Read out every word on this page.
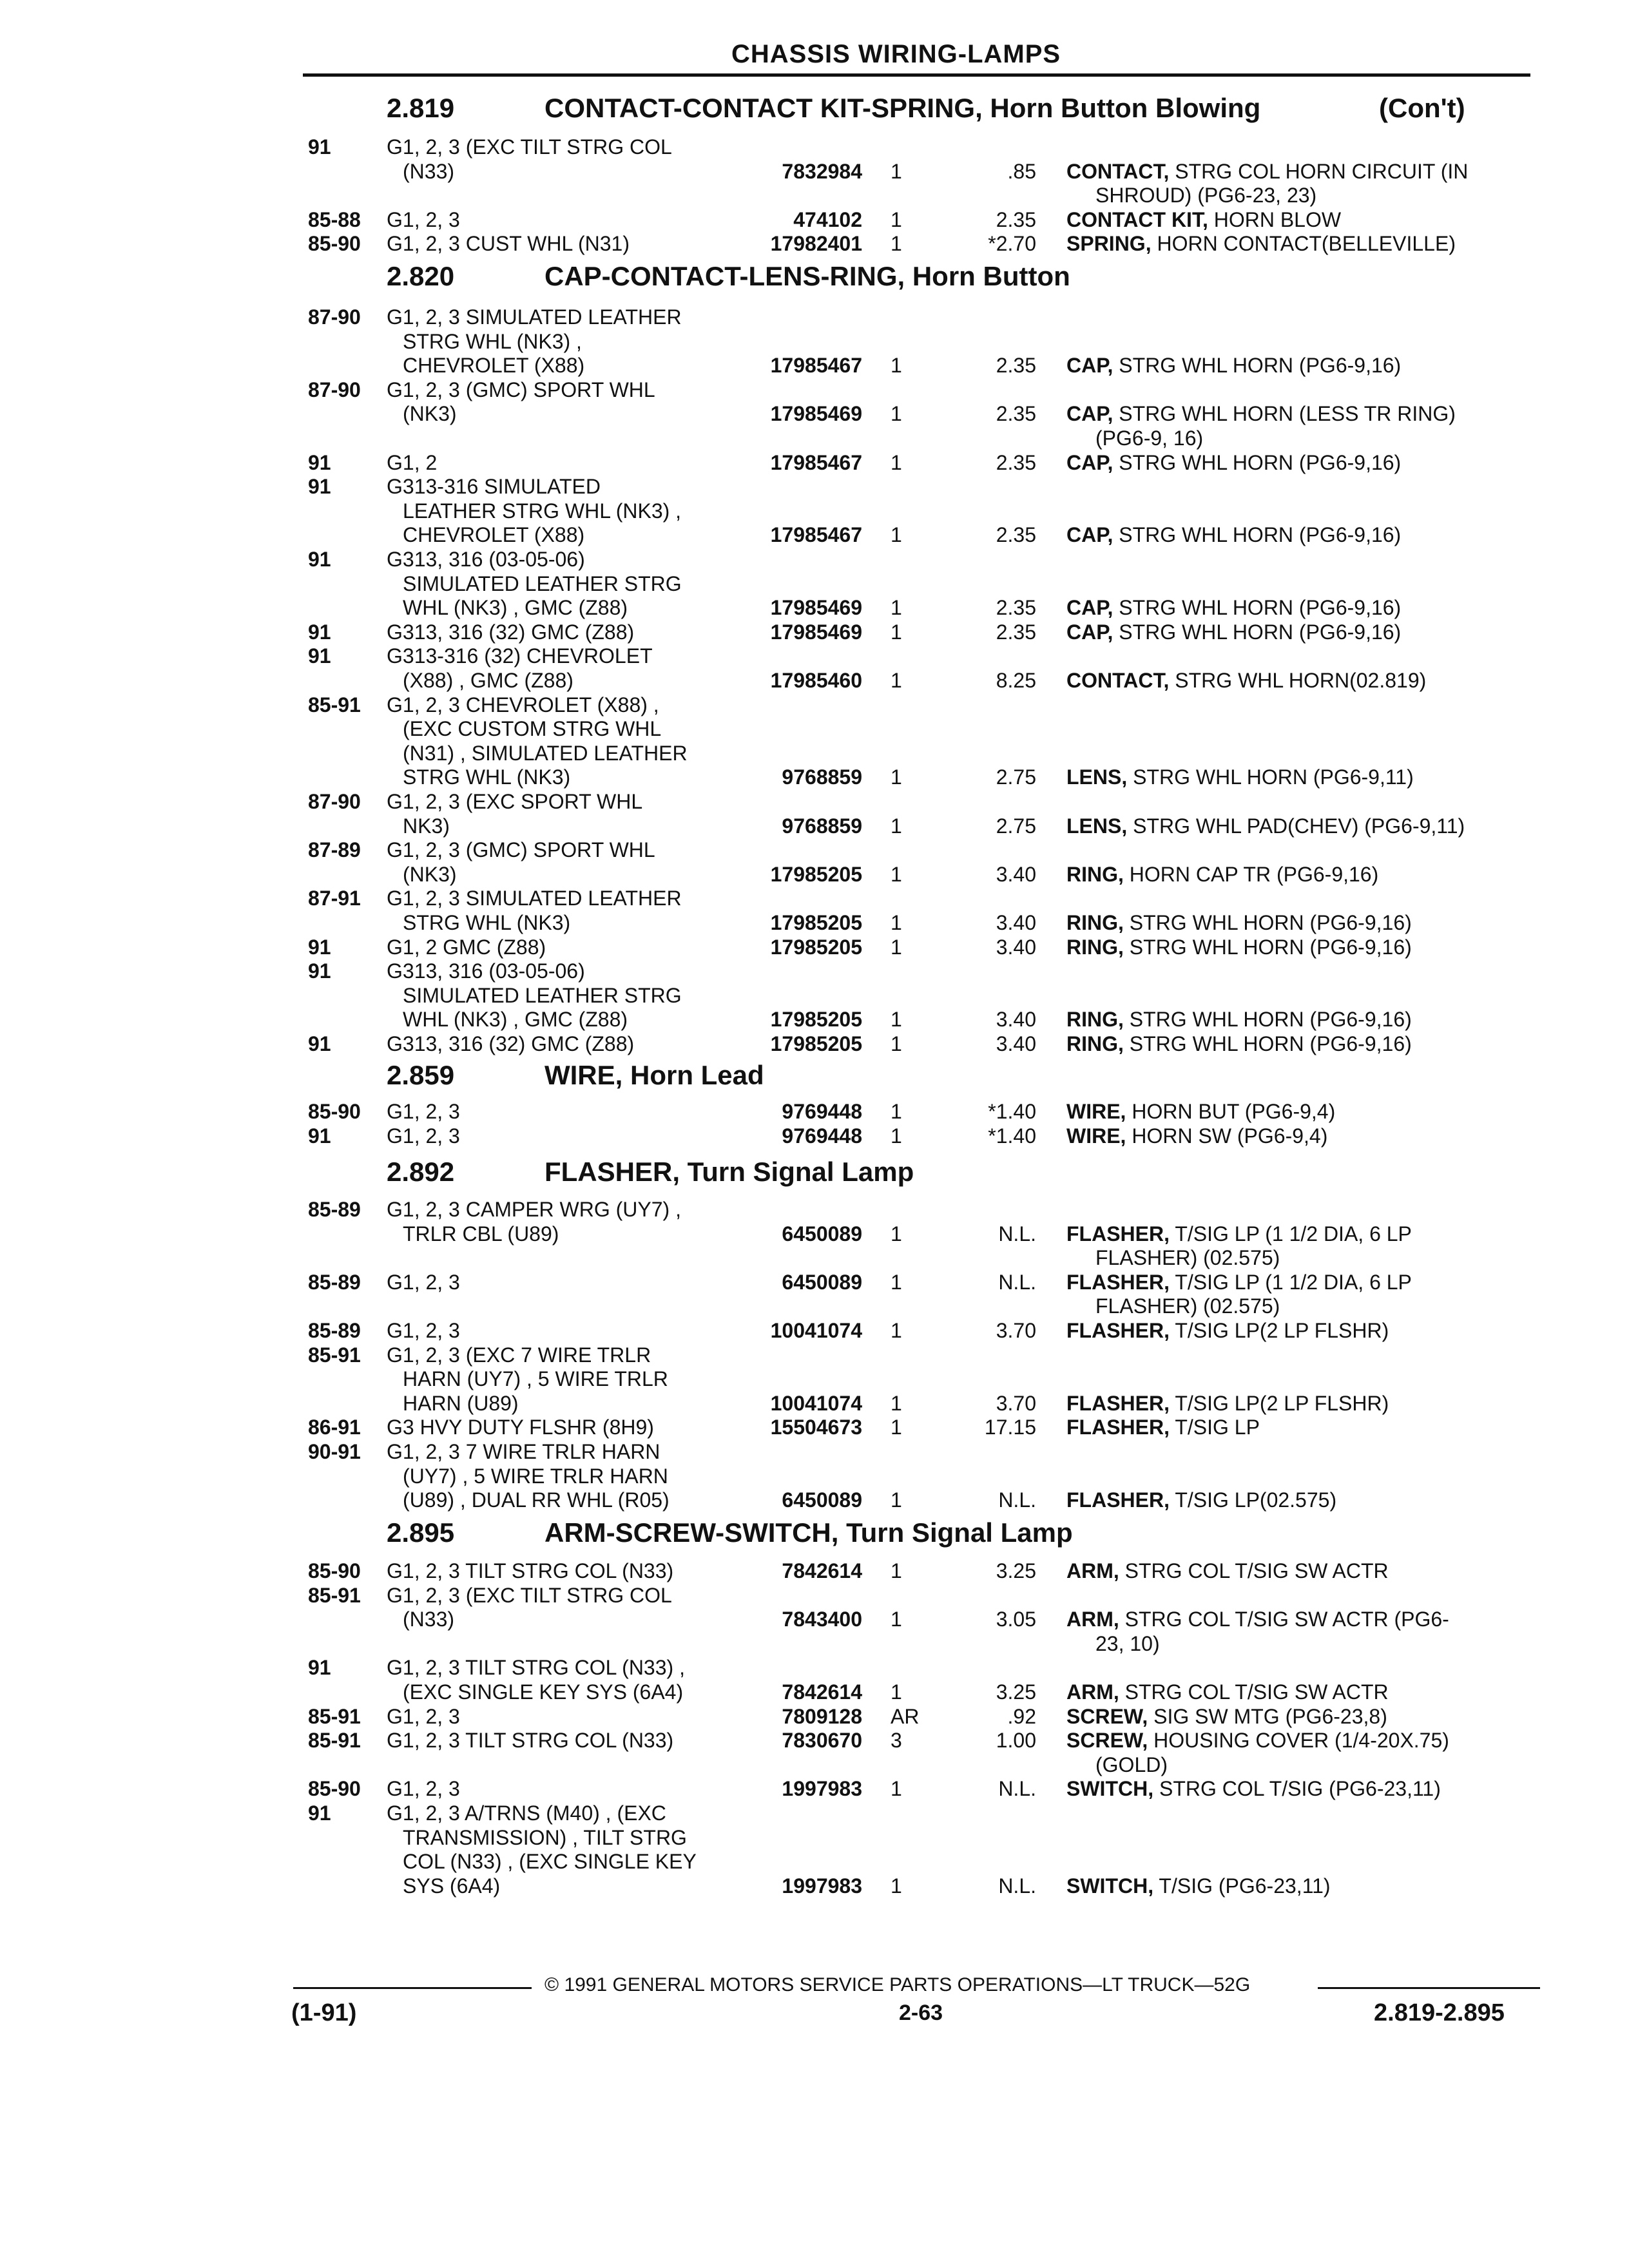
CHASSIS WIRING-LAMPS
2.819	CONTACT-CONTACT KIT-SPRING, Horn Button Blowing	(Con't)
91	G1, 2, 3 (EXC TILT STRG COL
(N33)	7832984 1	.85 CONTACT, STRG COL HORN CIRCUIT (IN
SHROUD) (PG6-23, 23)
85-88 G1, 2, 3	474102 1	2.35 CONTACT KIT, HORN BLOW
85-90 G1, 2, 3 CUST WHL (N31)	17982401 1	*2.70 SPRING, HORN CONTACT(BELLEVILLE)
2.820	CAP-CONTACT-LENS-RING, Horn Button
87-90 G1, 2, 3 SIMULATED LEATHER
STRG WHL (NK3) ,
CHEVROLET (X88)	17985467 1	2.35 CAP, STRG WHL HORN (PG6-9,16)
87-90 G1, 2, 3 (GMC) SPORT WHL
(NK3)	17985469 1	2.35 CAP, STRG WHL HORN (LESS TR RING)
(PG6-9, 16)
91	G1, 2	17985467 1	2.35 CAP, STRG WHL HORN (PG6-9,16)
91	G313-316 SIMULATED
LEATHER STRG WHL (NK3) ,
CHEVROLET (X88)	17985467 1	2.35 CAP, STRG WHL HORN (PG6-9,16)
91	G313, 316 (03-05-06)
SIMULATED LEATHER STRG
WHL (NK3) , GMC (Z88)	17985469 1	2.35 CAP, STRG WHL HORN (PG6-9,16)
91	G313, 316 (32) GMC (Z88)	17985469 1	2.35 CAP, STRG WHL HORN (PG6-9,16)
91	G313-316 (32) CHEVROLET
(X88) , GMC (Z88)	17985460 1	8.25 CONTACT, STRG WHL HORN(02.819)
85-91 G1, 2, 3 CHEVROLET (X88) ,
(EXC CUSTOM STRG WHL
(N31) , SIMULATED LEATHER
STRG WHL (NK3)	9768859 1	2.75 LENS, STRG WHL HORN (PG6-9,11)
87-90 G1, 2, 3 (EXC SPORT WHL
NK3)	9768859 1	2.75 LENS, STRG WHL PAD(CHEV) (PG6-9,11)
87-89 G1, 2, 3 (GMC) SPORT WHL
(NK3)	17985205 1	3.40 RING, HORN CAP TR (PG6-9,16)
87-91 G1, 2, 3 SIMULATED LEATHER
STRG WHL (NK3)	17985205 1	3.40 RING, STRG WHL HORN (PG6-9,16)
91	G1, 2 GMC (Z88)	17985205 1	3.40 RING, STRG WHL HORN (PG6-9,16)
91	G313, 316 (03-05-06)
SIMULATED LEATHER STRG
WHL (NK3) , GMC (Z88)	17985205 1	3.40 RING, STRG WHL HORN (PG6-9,16)
91	G313, 316 (32) GMC (Z88)	17985205 1	3.40 RING, STRG WHL HORN (PG6-9,16)
2.859	WIRE, Horn Lead
85-90 G1, 2, 3	9769448 1	*1.40 WIRE, HORN BUT (PG6-9,4)
91	G1, 2, 3	9769448 1	*1.40 WIRE, HORN SW (PG6-9,4)
2.892	FLASHER, Turn Signal Lamp
85-89 G1, 2, 3 CAMPER WRG (UY7) ,
TRLR CBL (U89)	6450089 1	N.L. FLASHER, T/SIG LP (1 1/2 DIA, 6 LP
FLASHER) (02.575)
85-89 G1, 2, 3	6450089 1	N.L. FLASHER, T/SIG LP (1 1/2 DIA, 6 LP
FLASHER) (02.575)
85-89 G1, 2, 3	10041074 1	3.70 FLASHER, T/SIG LP(2 LP FLSHR)
85-91 G1, 2, 3 (EXC 7 WIRE TRLR
HARN (UY7) , 5 WIRE TRLR
HARN (U89)	10041074 1	3.70 FLASHER, T/SIG LP(2 LP FLSHR)
86-91 G3 HVY DUTY FLSHR (8H9)	15504673 1	17.15 FLASHER, T/SIG LP
90-91 G1, 2, 3 7 WIRE TRLR HARN
(UY7) , 5 WIRE TRLR HARN
(U89) , DUAL RR WHL (R05)	6450089 1	N.L. FLASHER, T/SIG LP(02.575)
2.895	ARM-SCREW-SWITCH, Turn Signal Lamp
85-90 G1, 2, 3 TILT STRG COL (N33)	7842614 1	3.25 ARM, STRG COL T/SIG SW ACTR
85-91 G1, 2, 3 (EXC TILT STRG COL
(N33)	7843400 1	3.05 ARM, STRG COL T/SIG SW ACTR (PG6-
23, 10)
91	G1, 2, 3 TILT STRG COL (N33) ,
(EXC SINGLE KEY SYS (6A4)	7842614 1	3.25 ARM, STRG COL T/SIG SW ACTR
85-91 G1, 2, 3	7809128 AR	.92 SCREW, SIG SW MTG (PG6-23,8)
85-91 G1, 2, 3 TILT STRG COL (N33)	7830670 3	1.00 SCREW, HOUSING COVER (1/4-20X.75)
(GOLD)
85-90 G1, 2, 3	1997983 1	N.L. SWITCH, STRG COL T/SIG (PG6-23,11)
91	G1, 2, 3 A/TRNS (M40) , (EXC
TRANSMISSION) , TILT STRG
COL (N33) , (EXC SINGLE KEY
SYS (6A4)	1997983 1	N.L. SWITCH, T/SIG (PG6-23,11)
© 1991 GENERAL MOTORS SERVICE PARTS OPERATIONS—LT TRUCK—52G
(1-91)	2-63	2.819-2.895
